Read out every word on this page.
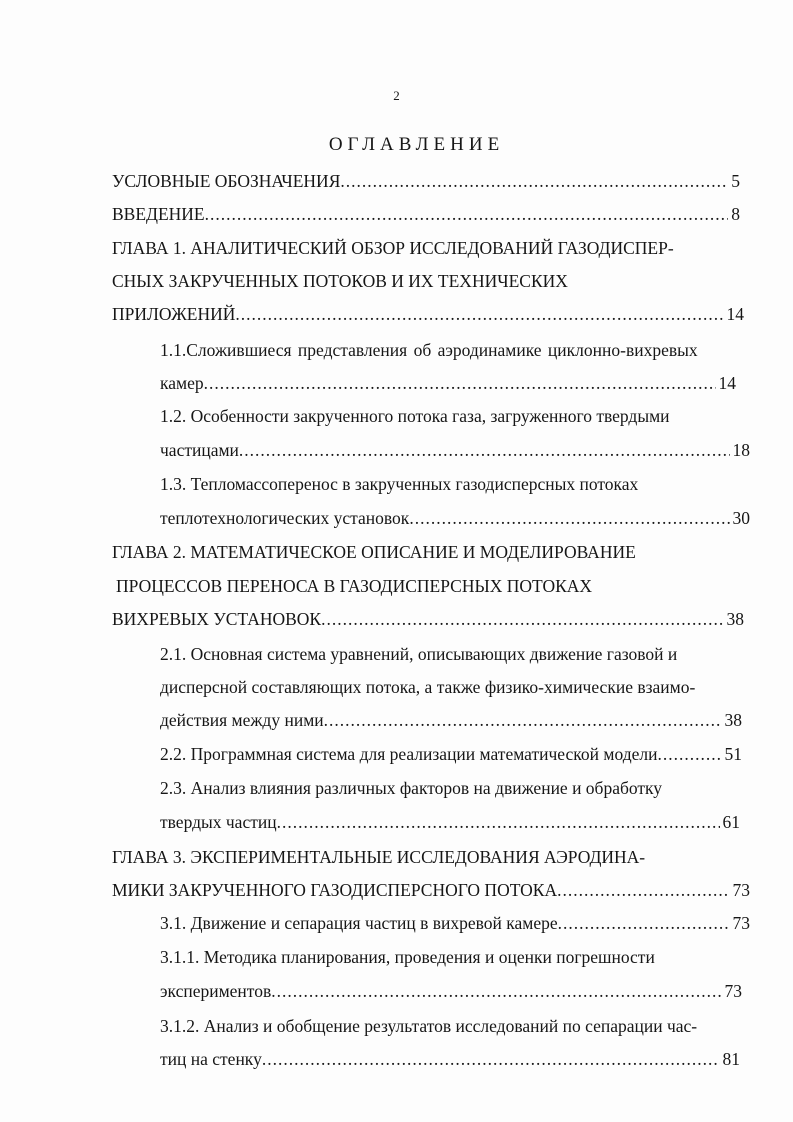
2
ОГЛАВЛЕНИЕ
УСЛОВНЫЕ ОБОЗНАЧЕНИЯ .....	5
ВВЕДЕНИЕ .....	8
ГЛАВА 1. АНАЛИТИЧЕСКИЙ ОБЗОР ИССЛЕДОВАНИЙ ГАЗОДИСПЕР-
СНЫХ ЗАКРУЧЕННЫХ ПОТОКОВ И ИХ ТЕХНИЧЕСКИХ
ПРИЛОЖЕНИЙ .....	14
1.1.Сложившиеся представления об аэродинамике циклонно-вихревых
камер .....	14
1.2. Особенности закрученного потока газа, загруженного твердыми
частицами .....	18
1.3. Тепломассоперенос в закрученных газодисперсных потоках
теплотехнологических установок .....	30
ГЛАВА 2. МАТЕМАТИЧЕСКОЕ ОПИСАНИЕ И МОДЕЛИРОВАНИЕ
ПРОЦЕССОВ ПЕРЕНОСА В ГАЗОДИСПЕРСНЫХ ПОТОКАХ
ВИХРЕВЫХ УСТАНОВОК .....	38
2.1. Основная система уравнений, описывающих движение газовой и
дисперсной составляющих потока, а также физико-химические взаимо-
действия между ними .....	38
2.2. Программная система для реализации математической модели .....	51
2.3. Анализ влияния различных факторов на движение и обработку
твердых частиц .....	61
ГЛАВА 3. ЭКСПЕРИМЕНТАЛЬНЫЕ ИССЛЕДОВАНИЯ АЭРОДИНА-
МИКИ ЗАКРУЧЕННОГО ГАЗОДИСПЕРСНОГО ПОТОКА .....	73
3.1. Движение и сепарация частиц в вихревой камере .....	73
3.1.1. Методика планирования, проведения и оценки погрешности
экспериментов .....	73
3.1.2. Анализ и обобщение результатов исследований по сепарации час-
тиц на стенку .....	81
